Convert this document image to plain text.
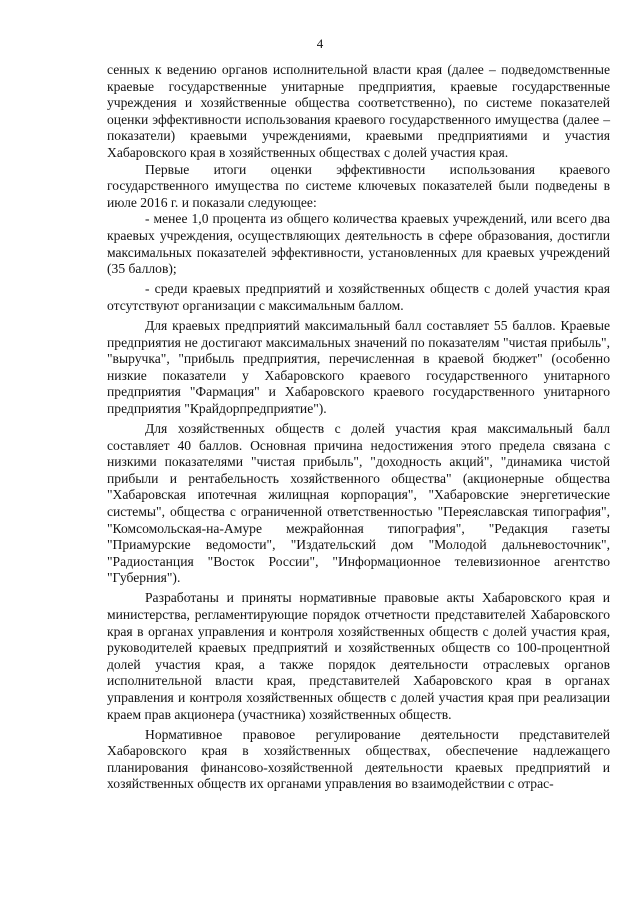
4

сенных к ведению органов исполнительной власти края (далее – подведомственные краевые государственные унитарные предприятия, краевые государственные учреждения и хозяйственные общества соответственно), по системе показателей оценки эффективности использования краевого государственного имущества (далее – показатели) краевыми учреждениями, краевыми предприятиями и участия Хабаровского края в хозяйственных обществах с долей участия края.

Первые итоги оценки эффективности использования краевого государственного имущества по системе ключевых показателей были подведены в июле 2016 г. и показали следующее:

- менее 1,0 процента из общего количества краевых учреждений, или всего два краевых учреждения, осуществляющих деятельность в сфере образования, достигли максимальных показателей эффективности, установленных для краевых учреждений (35 баллов);

- среди краевых предприятий и хозяйственных обществ с долей участия края отсутствуют организации с максимальным баллом.

Для краевых предприятий максимальный балл составляет 55 баллов. Краевые предприятия не достигают максимальных значений по показателям "чистая прибыль", "выручка", "прибыль предприятия, перечисленная в краевой бюджет" (особенно низкие показатели у Хабаровского краевого государственного унитарного предприятия "Фармация" и Хабаровского краевого государственного унитарного предприятия "Крайдорпредприятие").

Для хозяйственных обществ с долей участия края максимальный балл составляет 40 баллов. Основная причина недостижения этого предела связана с низкими показателями "чистая прибыль", "доходность акций", "динамика чистой прибыли и рентабельность хозяйственного общества" (акционерные общества "Хабаровская ипотечная жилищная корпорация", "Хабаровские энергетические системы", общества с ограниченной ответственностью "Переяславская типография", "Комсомольская-на-Амуре межрайонная типография", "Редакция газеты "Приамурские ведомости", "Издательский дом "Молодой дальневосточник", "Радиостанция "Восток России", "Информационное телевизионное агентство "Губерния").

Разработаны и приняты нормативные правовые акты Хабаровского края и министерства, регламентирующие порядок отчетности представителей Хабаровского края в органах управления и контроля хозяйственных обществ с долей участия края, руководителей краевых предприятий и хозяйственных обществ со 100-процентной долей участия края, а также порядок деятельности отраслевых органов исполнительной власти края, представителей Хабаровского края в органах управления и контроля хозяйственных обществ с долей участия края при реализации краем прав акционера (участника) хозяйственных обществ.

Нормативное правовое регулирование деятельности представителей Хабаровского края в хозяйственных обществах, обеспечение надлежащего планирования финансово-хозяйственной деятельности краевых предприятий и хозяйственных обществ их органами управления во взаимодействии с отрас-
